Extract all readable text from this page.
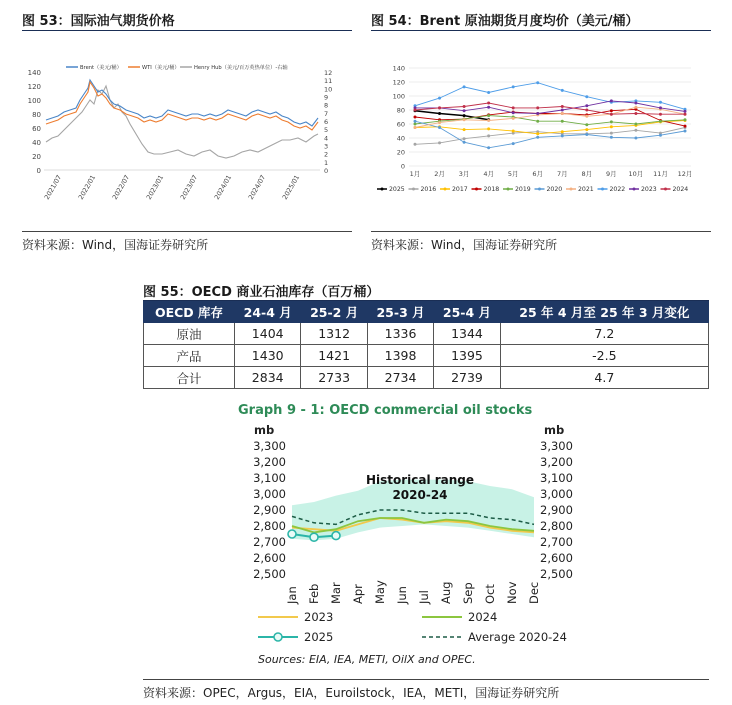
图 53：国际油气期货价格
Brent（美元/桶）	WTI（美元/桶）	Henry Hub（美元/百万英热单位）-右轴
0
20
40
60
80
100
120
140
0
1
2
3
4
5
6
7
8
9
10
11
12
2021/07 2022/01 2022/07 2023/01 2023/07 2024/01 2024/07 2025/01
资料来源：Wind，国海证券研究所
图 54：Brent 原油期货月度均价（美元/桶）
0
20
40
60
80
100
120
140
1月 2月 3月 4月 5月 6月 7月 8月 9月 10月 11月 12月
2025	2016	2017	2018	2019	2020	2021	2022	2023	2024
资料来源：Wind，国海证券研究所
图 55：OECD 商业石油库存（百万桶）
OECD 库存	24-4 月	25-2 月	25-3 月	25-4 月	25 年 4 月至 25 年 3 月变化
原油	1404	1312	1336	1344	7.2
产品	1430	1421	1398	1395	-2.5
合计	2834	2733	2734	2739	4.7
Graph 9 - 1: OECD commercial oil stocks
mb	mb
2,500
2,600
2,700
2,800
2,900
3,000
3,100
3,200
3,300
2,500
2,600
2,700
2,800
2,900
3,000
3,100
3,200
3,300
Jan Feb Mar Apr May Jun Jul Aug Sep Oct Nov Dec
Historical range
2020-24
2023	2024
2025	Average 2020-24
Sources: EIA, IEA, METI, OilX and OPEC.
资料来源：OPEC，Argus，EIA，Euroilstock，IEA，METI，国海证券研究所
